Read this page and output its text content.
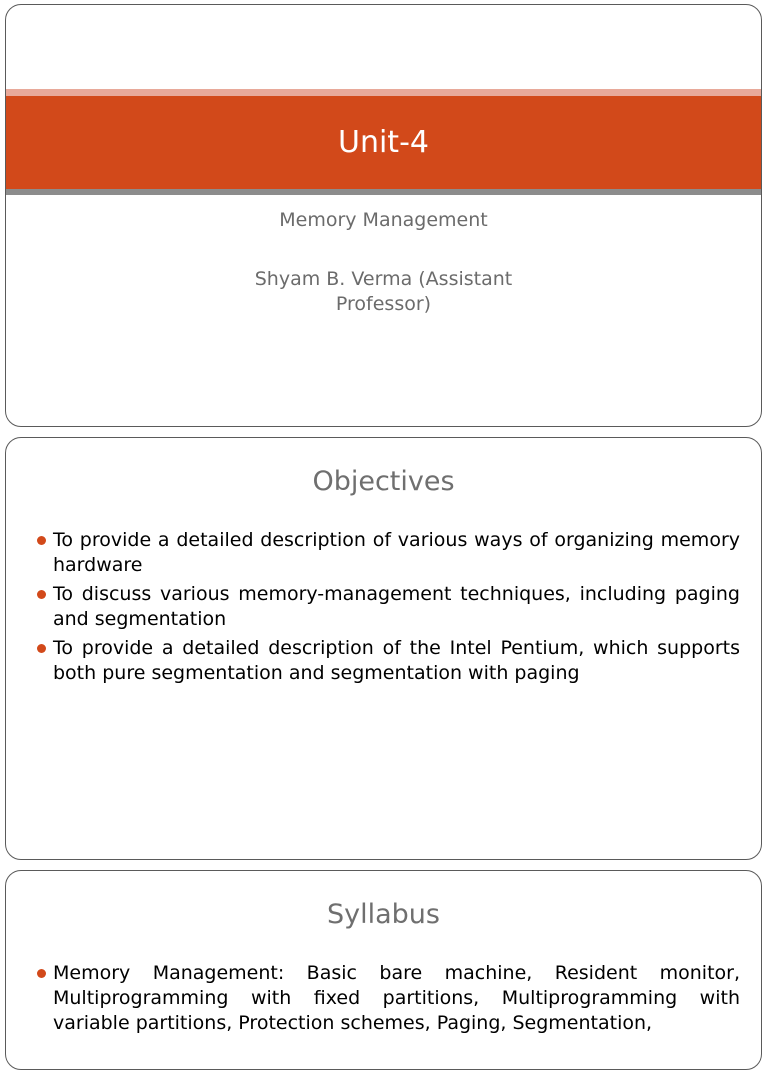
Unit-4
Memory Management
Shyam B. Verma (Assistant
Professor)
Objectives
To provide a detailed description of various ways of organizing memory hardware
To discuss various memory-management techniques, including paging and segmentation
To provide a detailed description of the Intel Pentium, which supports both pure segmentation and segmentation with paging
Syllabus
Memory Management: Basic bare machine, Resident monitor, Multiprogramming with fixed partitions, Multiprogramming with variable partitions, Protection schemes, Paging, Segmentation,
